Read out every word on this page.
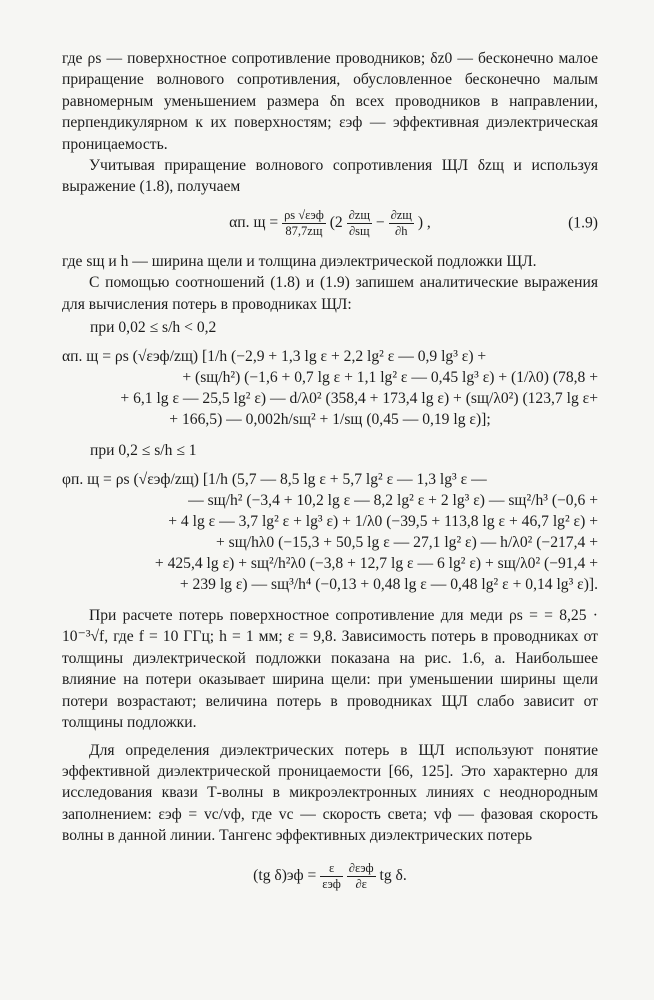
где ρs — поверхностное сопротивление проводников; δz0 — бесконечно малое приращение волнового сопротивления, обусловленное бесконечно малым равномерным уменьшением размера δn всех проводников в направлении, перпендикулярном к их поверхностям; εэф — эффективная диэлектрическая проницаемость.

Учитывая приращение волнового сопротивления ЩЛ δzщ и используя выражение (1.8), получаем

αп. $щ = \frac{\text{ρs √εэф}}{87,7zщ} (2 \frac{\partial zщ}{\partial sщ} - \frac{\partial zщ}{\partial h}$ ) ,	(1.9)

где sщ и h — ширина щели и толщина диэлектрической подложки ЩЛ.

С помощью соотношений (1.8) и (1.9) запишем аналитические выражения для вычисления потерь в проводниках ЩЛ:

при 0,02 ≤ s/h < 0,2
αп. щ = ρs (√εэф/zщ) [1/h (−2,9 + 1,3 lg ε + 2,2 lg² ε — 0,9 lg³ ε) +
+ (sщ/h²) (−1,6 + 0,7 lg ε + 1,1 lg² ε — 0,45 lg³ ε) + (1/λ0) (78,8 +
+ 6,1 lg ε — 25,5 lg² ε) — d/λ0² (358,4 + 173,4 lg ε) + (sщ/λ0²) (123,7 lg ε+
+ 166,5) — 0,002h/sщ² + 1/sщ (0,45 — 0,19 lg ε)];
при 0,2 ≤ s/h ≤ 1
φп. щ = ρs (√εэф/zщ) [1/h (5,7 — 8,5 lg ε + 5,7 lg² ε — 1,3 lg³ ε —
— sщ/h² (−3,4 + 10,2 lg ε — 8,2 lg² ε + 2 lg³ ε) — sщ²/h³ (−0,6 +
+ 4 lg ε — 3,7 lg² ε + lg³ ε) + 1/λ0 (−39,5 + 113,8 lg ε + 46,7 lg² ε) +
+ sщ/hλ0 (−15,3 + 50,5 lg ε — 27,1 lg² ε) — h/λ0² (−217,4 +
+ 425,4 lg ε) + sщ²/h²λ0 (−3,8 + 12,7 lg ε — 6 lg² ε) + sщ/λ0² (−91,4 +
+ 239 lg ε) — sщ³/h⁴ (−0,13 + 0,48 lg ε — 0,48 lg² ε + 0,14 lg³ ε)].

При расчете потерь поверхностное сопротивление для меди ρs = = 8,25 · 10⁻³√f, где f = 10 ГГц; h = 1 мм; ε = 9,8. Зависимость потерь в проводниках от толщины диэлектрической подложки показана на рис. 1.6, а. Наибольшее влияние на потери оказывает ширина щели: при уменьшении ширины щели потери возрастают; величина потерь в проводниках ЩЛ слабо зависит от толщины подложки.

Для определения диэлектрических потерь в ЩЛ используют понятие эффективной диэлектрической проницаемости [66, 125]. Это характерно для исследования квази Т-волны в микроэлектронных линиях с неоднородным заполнением: εэф = vc/vф, где vc — скорость света; vф — фазовая скорость волны в данной линии. Тангенс эффективных диэлектрических потерь

(tg $\delta)эф = \frac{\varepsilon}{\text{εэф}}$
$\frac{\text{∂εэф}}{\partial\varepsilon}$ tg δ.
